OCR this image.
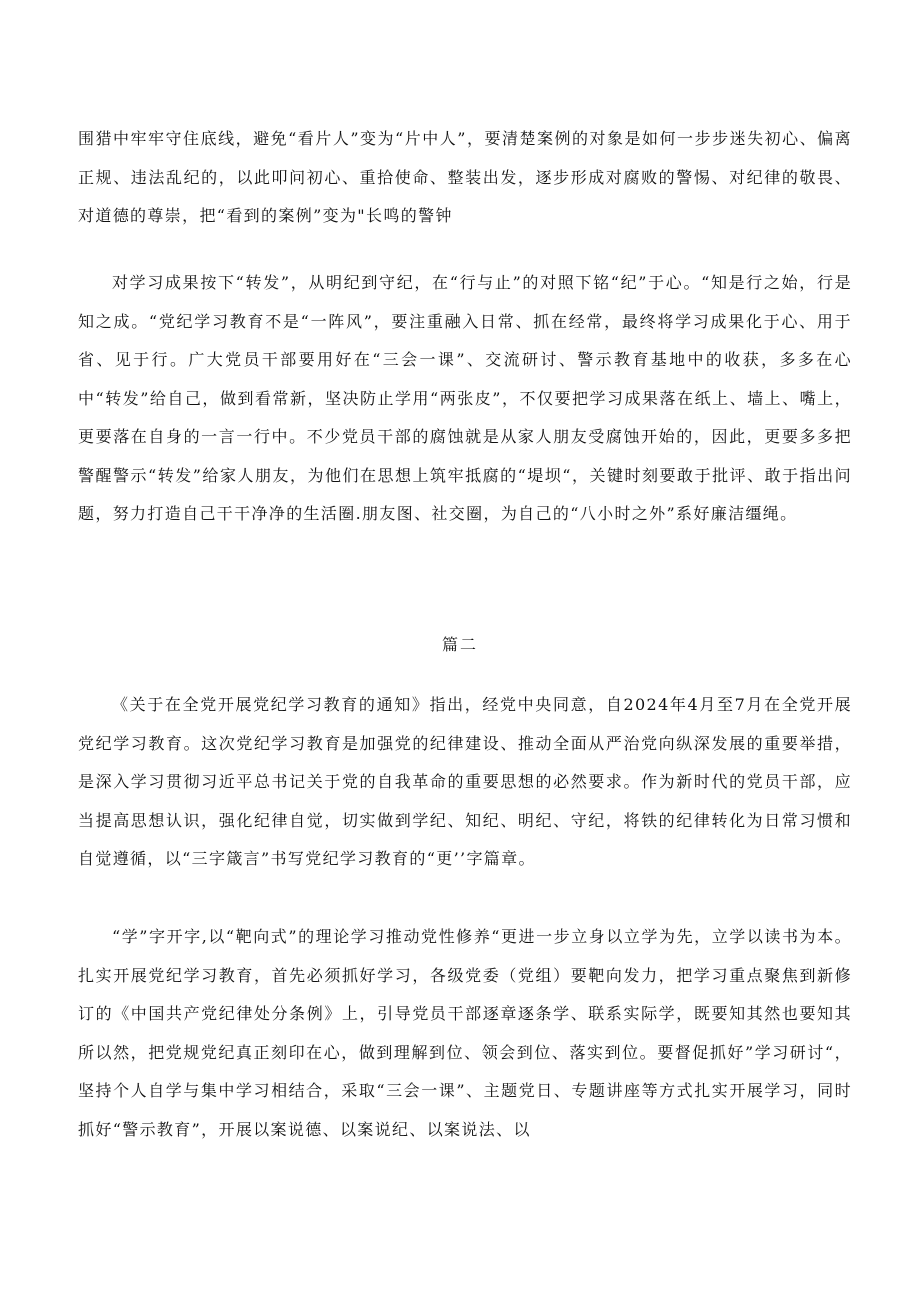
围猎中牢牢守住底线，避免“看片人”变为“片中人”，要清楚案例的对象是如何一步步迷失初心、偏离正规、违法乱纪的，以此叩问初心、重拾使命、整装出发，逐步形成对腐败的警惕、对纪律的敬畏、对道德的尊崇，把“看到的案例”变为"长鸣的警钟

对学习成果按下“转发”，从明纪到守纪，在“行与止”的对照下铭“纪”于心。“知是行之始，行是知之成。“党纪学习教育不是“一阵风”，要注重融入日常、抓在经常，最终将学习成果化于心、用于省、见于行。广大党员干部要用好在“三会一课”、交流研讨、警示教育基地中的收获，多多在心中“转发”给自己，做到看常新，坚决防止学用“两张皮”，不仅要把学习成果落在纸上、墙上、嘴上，更要落在自身的一言一行中。不少党员干部的腐蚀就是从家人朋友受腐蚀开始的，因此，更要多多把警醒警示“转发”给家人朋友，为他们在思想上筑牢抵腐的“堤坝“，关键时刻要敢于批评、敢于指出问题，努力打造自己干干净净的生活圈.朋友图、社交圈，为自己的“八小时之外”系好廉洁缰绳。

篇二

《关于在全党开展党纪学习教育的通知》指出，经党中央同意，自2024年4月至7月在全党开展党纪学习教育。这次党纪学习教育是加强党的纪律建设、推动全面从严治党向纵深发展的重要举措，是深入学习贯彻习近平总书记关于党的自我革命的重要思想的必然要求。作为新时代的党员干部，应当提高思想认识，强化纪律自觉，切实做到学纪、知纪、明纪、守纪，将铁的纪律转化为日常习惯和自觉遵循，以“三字箴言”书写党纪学习教育的“更’’字篇章。

“学”字开字,以“靶向式”的理论学习推动党性修养“更进一步立身以立学为先，立学以读书为本。扎实开展党纪学习教育，首先必须抓好学习，各级党委（党组）要靶向发力，把学习重点聚焦到新修订的《中国共产党纪律处分条例》上，引导党员干部逐章逐条学、联系实际学，既要知其然也要知其所以然，把党规党纪真正刻印在心，做到理解到位、领会到位、落实到位。要督促抓好”学习研讨“，坚持个人自学与集中学习相结合，采取“三会一课”、主题党日、专题讲座等方式扎实开展学习，同时抓好“警示教育”，开展以案说德、以案说纪、以案说法、以
